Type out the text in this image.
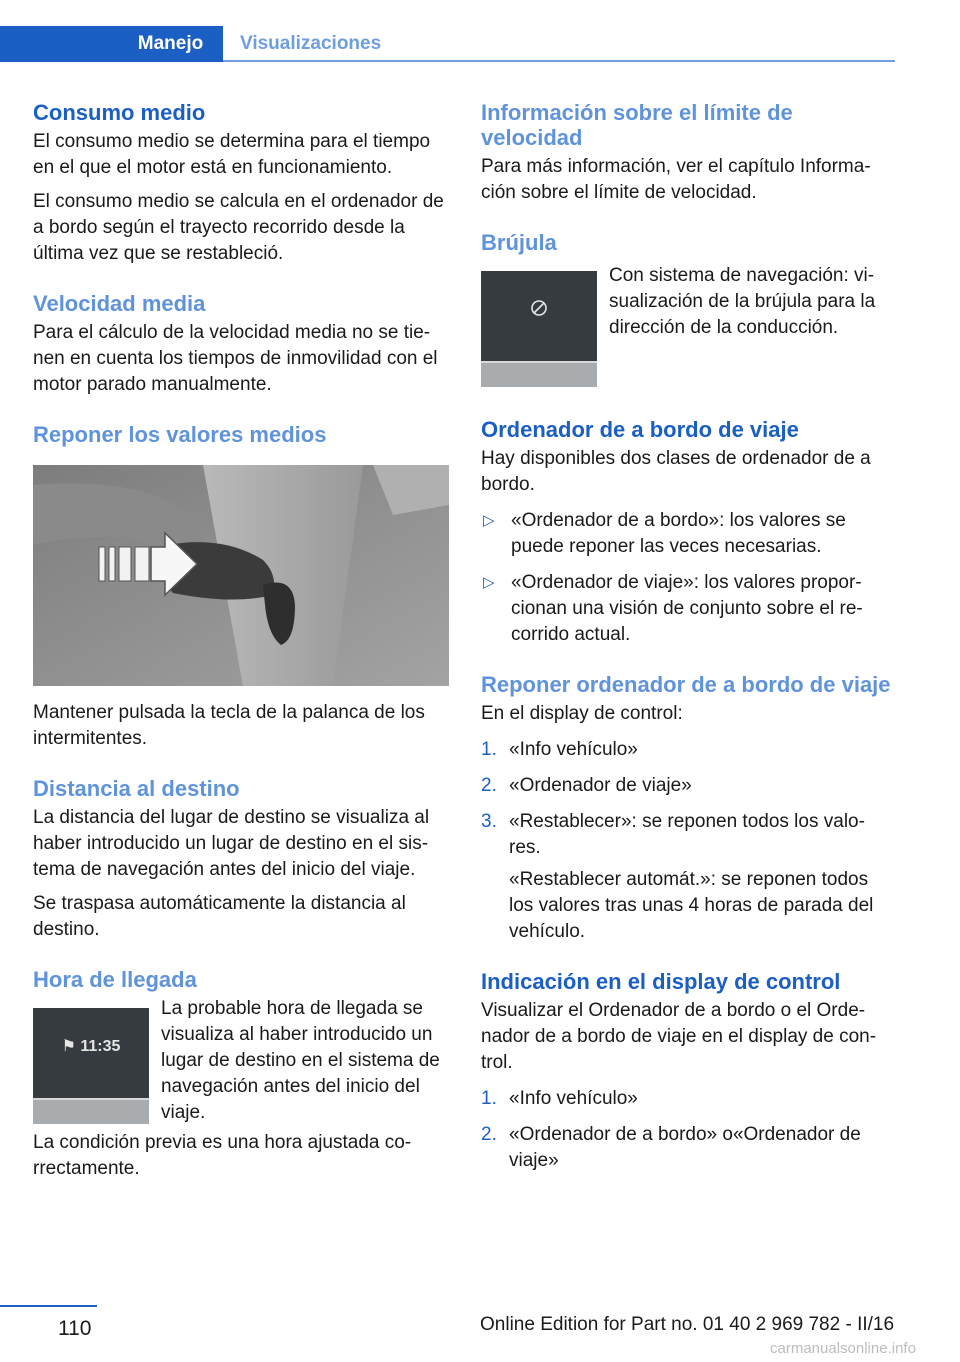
Manejo	Visualizaciones
Consumo medio

El consumo medio se determina para el tiempo en el que el motor está en funcionamiento.

El consumo medio se calcula en el ordenador de a bordo según el trayecto recorrido desde la última vez que se restableció.

Velocidad media

Para el cálculo de la velocidad media no se tie‐nen en cuenta los tiempos de inmovilidad con el motor parado manualmente.

Reponer los valores medios

Mantener pulsada la tecla de la palanca de los intermitentes.

Distancia al destino

La distancia del lugar de destino se visualiza al haber introducido un lugar de destino en el sis‐tema de navegación antes del inicio del viaje.

Se traspasa automáticamente la distancia al destino.

Hora de llegada
⚑ 11:35

La probable hora de llegada se visualiza al haber introducido un lugar de destino en el sistema de navegación antes del inicio del viaje.

La condición previa es una hora ajustada co‐rrectamente.

Información sobre el límite de velocidad

Para más información, ver el capítulo Informa‐ción sobre el límite de velocidad.

Brújula

Con sistema de navegación: vi‐sualización de la brújula para la dirección de la conducción.

Ordenador de a bordo de viaje

Hay disponibles dos clases de ordenador de a bordo.

▷ «Ordenador de a bordo»: los valores se puede reponer las veces necesarias.
▷ «Ordenador de viaje»: los valores propor‐cionan una visión de conjunto sobre el re‐corrido actual.
Reponer ordenador de a bordo de viaje

En el display de control:

1. «Info vehículo»
2. «Ordenador de viaje»
3. «Restablecer»: se reponen todos los valo‐res.
«Restablecer automát.»: se reponen todos los valores tras unas 4 horas de parada del vehículo.
Indicación en el display de control

Visualizar el Ordenador de a bordo o el Orde‐nador de a bordo de viaje en el display de con‐trol.

1. «Info vehículo»
2. «Ordenador de a bordo» o«Ordenador de viaje»
110	Online Edition for Part no. 01 40 2 969 782 - II/16
carmanualsonline.info
